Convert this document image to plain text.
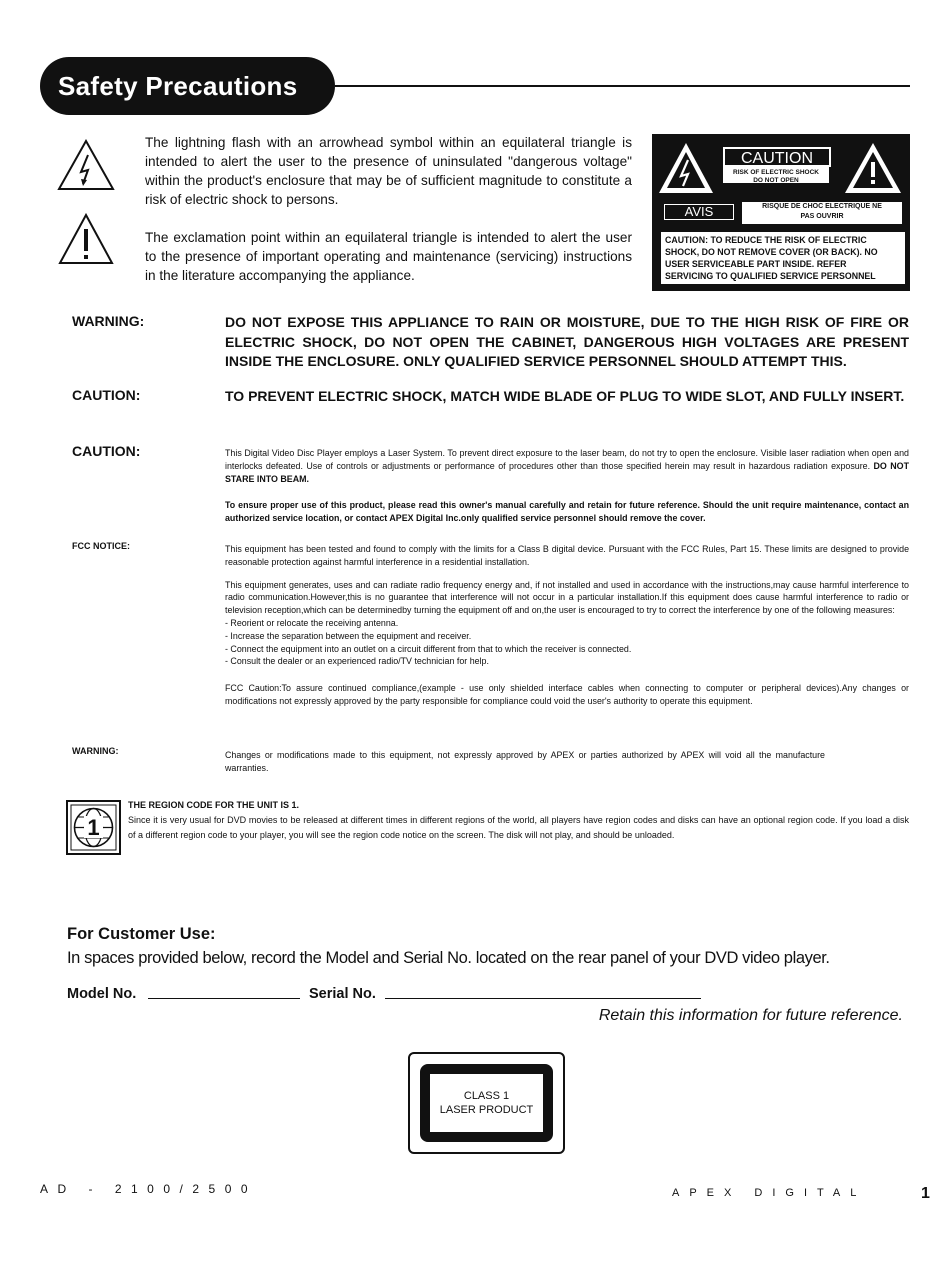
Safety Precautions
The lightning flash with an arrowhead symbol within an equilateral triangle is intended to alert the user to the presence of uninsulated "dangerous voltage" within the product's enclosure that may be of sufficient magnitude to constitute a risk of electric shock to persons.
The exclamation point within an equilateral triangle is intended to alert the user to the presence of important operating and maintenance (servicing) instructions in the literature accompanying the appliance.
CAUTION
RISK OF ELECTRIC SHOCK
DO NOT OPEN
AVIS	RISQUE DE CHOC ELECTRIQUE NE
PAS OUVRIR
CAUTION: TO REDUCE THE RISK OF ELECTRIC
SHOCK, DO NOT REMOVE COVER (OR BACK). NO
USER SERVICEABLE PART INSIDE. REFER
SERVICING TO QUALIFIED SERVICE PERSONNEL
WARNING:	DO NOT EXPOSE THIS APPLIANCE TO RAIN OR MOISTURE, DUE TO THE HIGH RISK OF FIRE OR ELECTRIC SHOCK, DO NOT OPEN THE CABINET, DANGEROUS HIGH VOLTAGES ARE PRESENT INSIDE THE ENCLOSURE. ONLY QUALIFIED SERVICE PERSONNEL SHOULD ATTEMPT THIS.
CAUTION:	TO PREVENT ELECTRIC SHOCK, MATCH WIDE BLADE OF PLUG TO WIDE SLOT, AND FULLY INSERT.
CAUTION:	This Digital Video Disc Player employs a Laser System. To prevent direct exposure to the laser beam, do not try to open the enclosure. Visible laser radiation when open and interlocks defeated. Use of controls or adjustments or performance of procedures other than those specified herein may result in hazardous radiation exposure. DO NOT STARE INTO BEAM.
To ensure proper use of this product, please read this owner's manual carefully and retain for future reference. Should the unit require maintenance, contact an authorized service location, or contact APEX Digital Inc.only qualified service personnel should remove the cover.
FCC NOTICE:	This equipment has been tested and found to comply with the limits for a Class B digital device. Pursuant with the FCC Rules, Part 15. These limits are designed to provide reasonable protection against harmful interference in a residential installation.
This equipment generates, uses and can radiate radio frequency energy and, if not installed and used in accordance with the instructions,may cause harmful interference to radio communication.However,this is no guarantee that interference will not occur in a particular installation.If this equipment does cause harmful interference to radio or television reception,which can be determinedby turning the equipment off and on,the user is encouraged to try to correct the interference by one of the following measures:
- Reorient or relocate the receiving antenna.
- Increase the separation between the equipment and receiver.
- Connect the equipment into an outlet on a circuit different from that to which the receiver is connected.
- Consult the dealer or an experienced radio/TV technician for help.
FCC Caution:To assure continued compliance,(example - use only shielded interface cables when connecting to computer or peripheral devices).Any changes or modifications not expressly approved by the party responsible for compliance could void the user's authority to operate this equipment.
WARNING:	Changes or modifications made to this equipment, not expressly approved by APEX or parties authorized by APEX will void all the manufacture warranties.
1
THE REGION CODE FOR THE UNIT IS 1.
Since it is very usual for DVD movies to be released at different times in different regions of the world, all players have region codes and disks can have an optional region code. If you load a disk of a different region code to your player, you will see the region code notice on the screen. The disk will not play, and should be unloaded.
For Customer Use:
In spaces provided below, record the Model and Serial No. located on the rear panel of your DVD video player.
Model No.	Serial No.
Retain this information for future reference.
CLASS 1
LASER PRODUCT
AD - 2100/2500	APEX DIGITAL	1
